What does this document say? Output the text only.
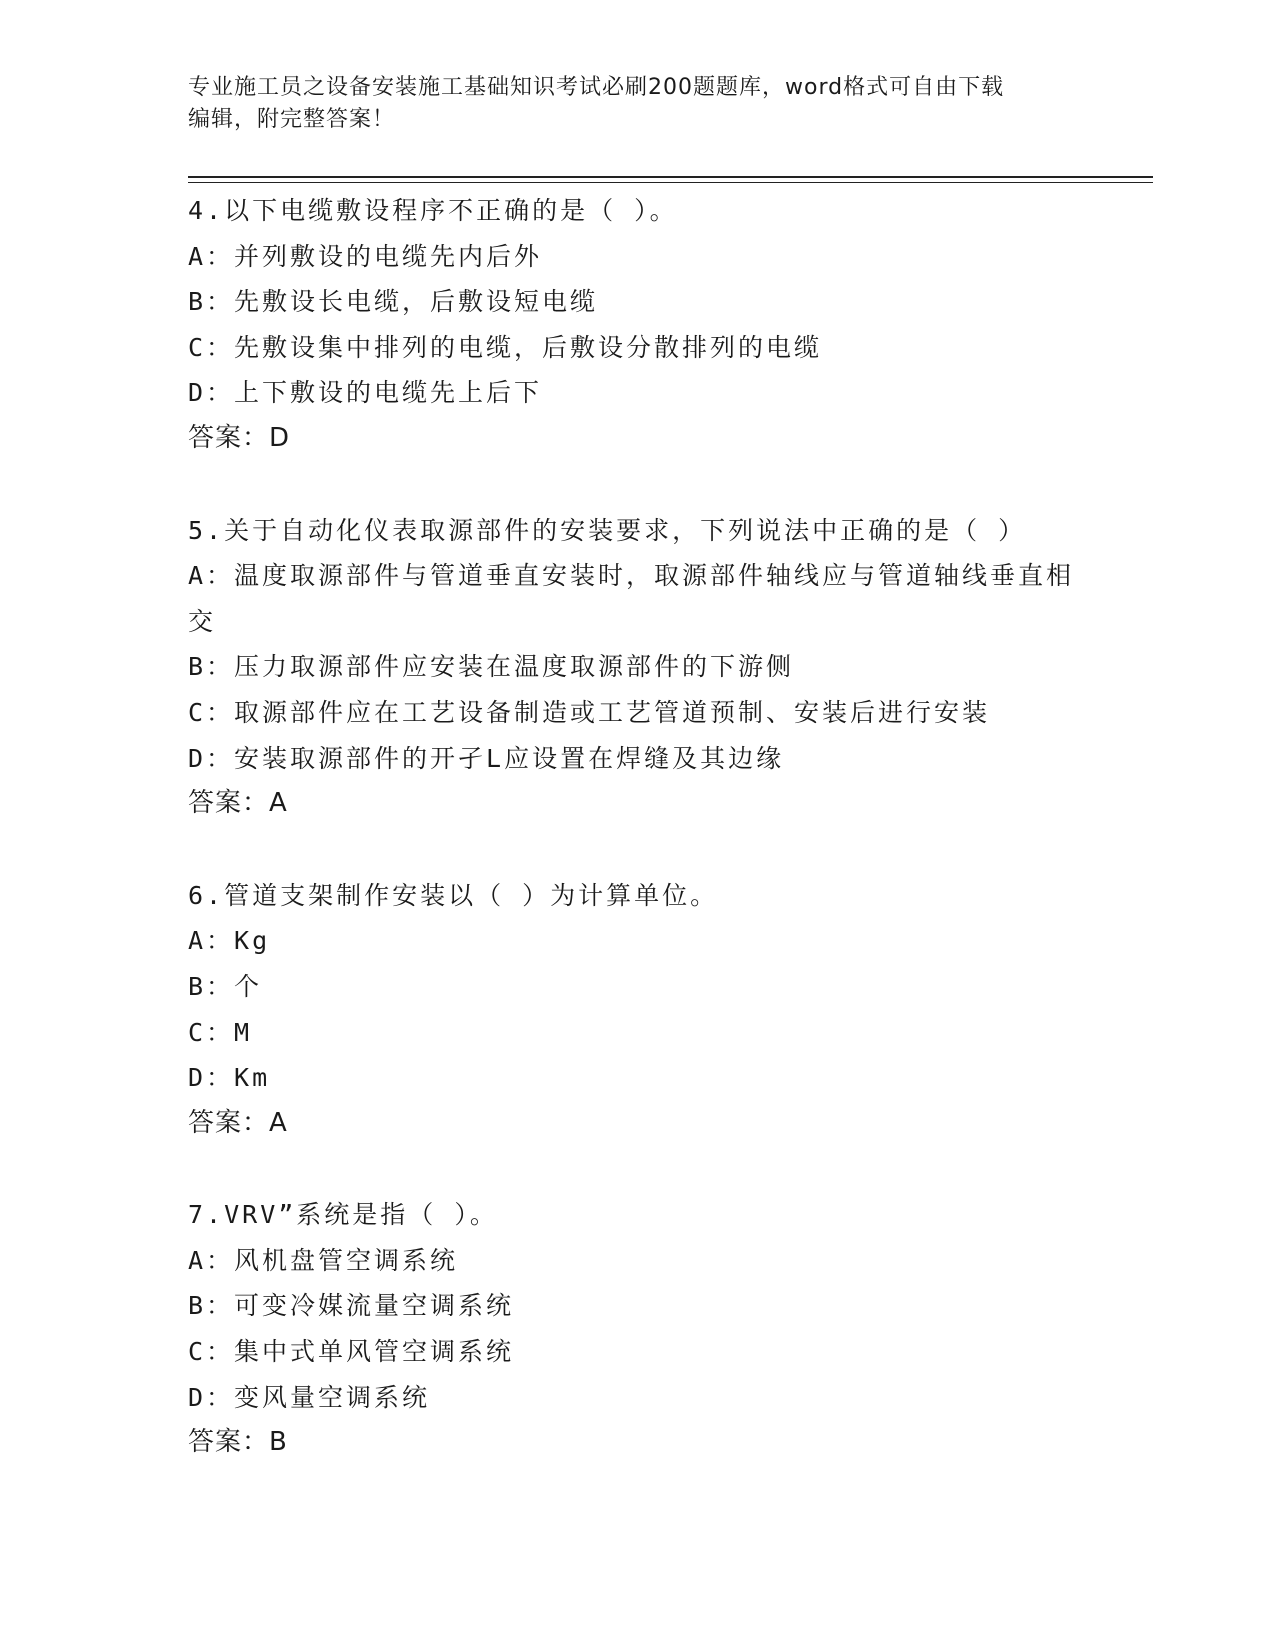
专业施工员之设备安装施工基础知识考试必刷200题题库，word格式可自由下载
编辑，附完整答案！
4.以下电缆敷设程序不正确的是（ ）。
A：并列敷设的电缆先内后外
B：先敷设长电缆，后敷设短电缆
C：先敷设集中排列的电缆，后敷设分散排列的电缆
D：上下敷设的电缆先上后下
答案：D
5.关于自动化仪表取源部件的安装要求，下列说法中正确的是（ ）
A：温度取源部件与管道垂直安装时，取源部件轴线应与管道轴线垂直相交
B：压力取源部件应安装在温度取源部件的下游侧
C：取源部件应在工艺设备制造或工艺管道预制、安装后进行安装
D：安装取源部件的开孑L应设置在焊缝及其边缘
答案：A
6.管道支架制作安装以（ ）为计算单位。
A：Kg
B：个
C：M
D：Km
答案：A
7.VRV”系统是指（ ）。
A：风机盘管空调系统
B：可变冷媒流量空调系统
C：集中式单风管空调系统
D：变风量空调系统
答案：B
